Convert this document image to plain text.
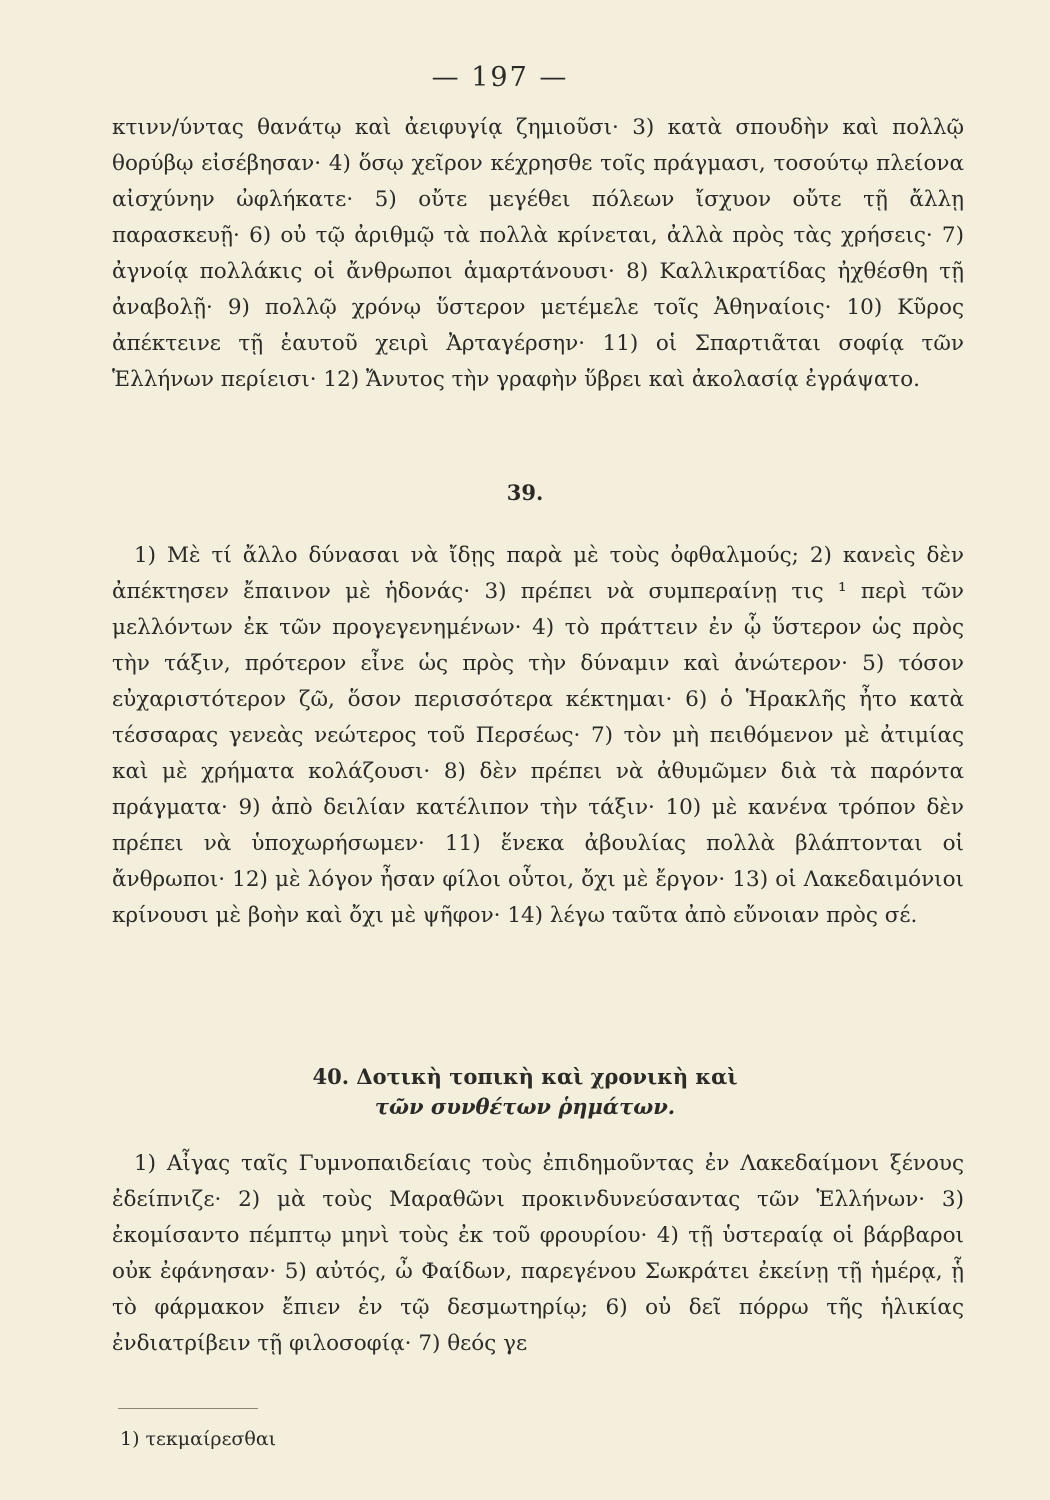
— 197 —

κτινν/ύντας θανάτῳ καὶ ἀειφυγίᾳ ζημιοῦσι· 3) κατὰ σπουδὴν καὶ πολλῷ θορύβῳ εἰσέβησαν· 4) ὅσῳ χεῖρον κέχρησθε τοῖς πράγμασι, τοσούτῳ πλείονα αἰσχύνην ὠφλήκατε· 5) οὔτε μεγέθει πόλεων ἴσχυον οὔτε τῇ ἄλλῃ παρασκευῇ· 6) οὐ τῷ ἀριθμῷ τὰ πολλὰ κρίνεται, ἀλλὰ πρὸς τὰς χρήσεις· 7) ἀγνοίᾳ πολλάκις οἱ ἄνθρωποι ἁμαρτάνουσι· 8) Καλλικρατίδας ἠχθέσθη τῇ ἀναβολῇ· 9) πολλῷ χρόνῳ ὕστερον μετέμελε τοῖς Ἀθηναίοις· 10) Κῦρος ἀπέκτεινε τῇ ἑαυτοῦ χειρὶ Ἀρταγέρσην· 11) οἱ Σπαρτιᾶται σοφίᾳ τῶν Ἑλλήνων περίεισι· 12) Ἄνυτος τὴν γραφὴν ὕβρει καὶ ἀκολασίᾳ ἐγράψατο.

39.

1) Μὲ τί ἄλλο δύνασαι νὰ ἴδῃς παρὰ μὲ τοὺς ὀφθαλμούς; 2) κανεὶς δὲν ἀπέκτησεν ἔπαινον μὲ ἡδονάς· 3) πρέπει νὰ συμπεραίνῃ τις ¹ περὶ τῶν μελλόντων ἐκ τῶν προγεγενημένων· 4) τὸ πράττειν ἐν ᾧ ὕστερον ὡς πρὸς τὴν τάξιν, πρότερον εἶνε ὡς πρὸς τὴν δύναμιν καὶ ἀνώτερον· 5) τόσον εὐχαριστότερον ζῶ, ὅσον περισσότερα κέκτημαι· 6) ὁ Ἡρακλῆς ἦτο κατὰ τέσσαρας γενεὰς νεώτερος τοῦ Περσέως· 7) τὸν μὴ πειθόμενον μὲ ἀτιμίας καὶ μὲ χρήματα κολάζουσι· 8) δὲν πρέπει νὰ ἀθυμῶμεν διὰ τὰ παρόντα πράγματα· 9) ἀπὸ δειλίαν κατέλιπον τὴν τάξιν· 10) μὲ κανένα τρόπον δὲν πρέπει νὰ ὑποχωρήσωμεν· 11) ἕνεκα ἀβουλίας πολλὰ βλάπτονται οἱ ἄνθρωποι· 12) μὲ λόγον ἦσαν φίλοι οὗτοι, ὄχι μὲ ἔργον· 13) οἱ Λακεδαιμόνιοι κρίνουσι μὲ βοὴν καὶ ὄχι μὲ ψῆφον· 14) λέγω ταῦτα ἀπὸ εὔνοιαν πρὸς σέ.

40. Δοτικὴ τοπικὴ καὶ χρονικὴ καὶ
τῶν συνθέτων ῥημάτων.

1) Αἶγας ταῖς Γυμνοπαιδείαις τοὺς ἐπιδημοῦντας ἐν Λακεδαίμονι ξένους ἐδείπνιζε· 2) μὰ τοὺς Μαραθῶνι προκινδυνεύσαντας τῶν Ἑλλήνων· 3) ἐκομίσαντο πέμπτῳ μηνὶ τοὺς ἐκ τοῦ φρουρίου· 4) τῇ ὑστεραίᾳ οἱ βάρβαροι οὐκ ἐφάνησαν· 5) αὐτός, ὦ Φαίδων, παρεγένου Σωκράτει ἐκείνῃ τῇ ἡμέρᾳ, ᾗ τὸ φάρμακον ἔπιεν ἐν τῷ δεσμωτηρίῳ; 6) οὐ δεῖ πόρρω τῆς ἡλικίας ἐνδιατρίβειν τῇ φιλοσοφίᾳ· 7) θεός γε

1) τεκμαίρεσθαι
